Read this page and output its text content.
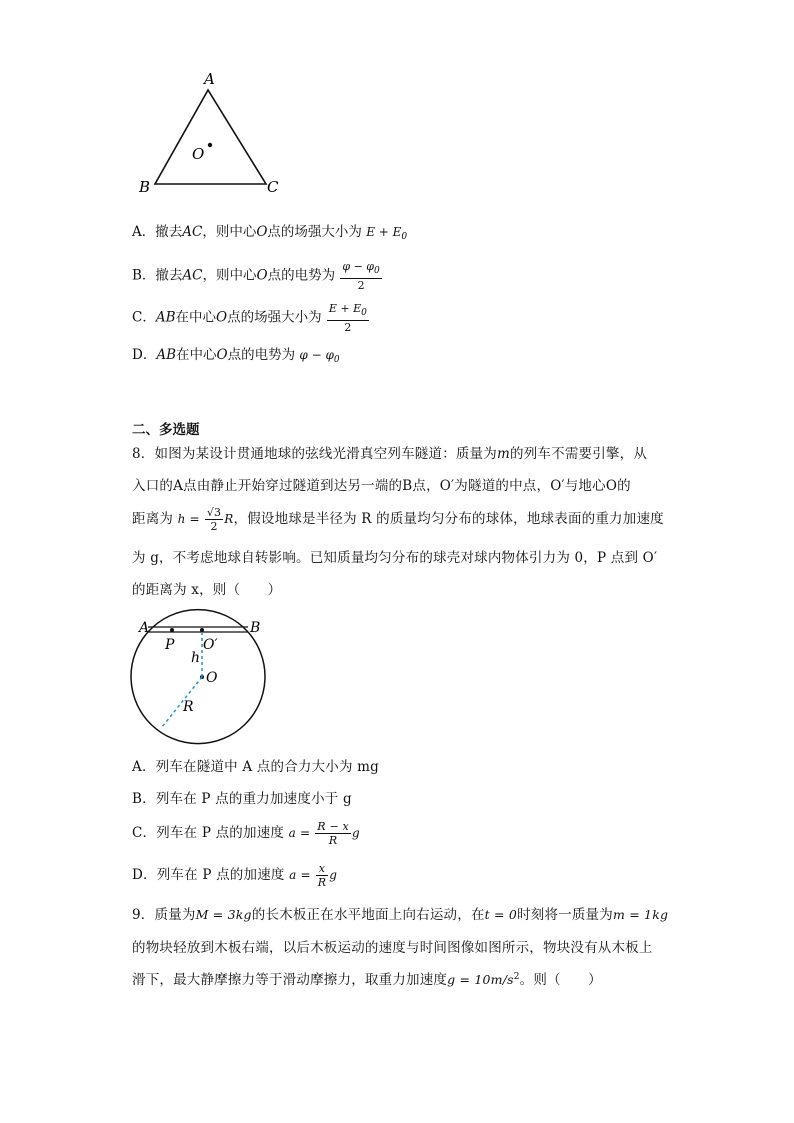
A
B	C
O
A．撤去AC，则中心O点的场强大小为 $E + E_0$
B．撤去AC，则中心O点的电势为 $\frac{\varphi - \varphi_0}{2}$
C．AB在中心O点的场强大小为 $\frac{E + E_0}{2}$
D．AB在中心O点的电势为 $\varphi - \varphi_0$
二、多选题
8．如图为某设计贯通地球的弦线光滑真空列车隧道：质量为m的列车不需要引擎，从
入口的A点由静止开始穿过隧道到达另一端的B点，O′为隧道的中点，O′与地心O的
距离为 $h = \frac{√3}{2}$ R，假设地球是半径为 R 的质量均匀分布的球体，地球表面的重力加速度
为 g，不考虑地球自转影响。已知质量均匀分布的球壳对球内物体引力为 0，P 点到 O′
的距离为 x，则（　　）
A	B
P O′
h
O
R
A．列车在隧道中 A 点的合力大小为 mg
B．列车在 P 点的重力加速度小于 g
C．列车在 P 点的加速度 $a = \frac{R - x}{R}$ g
D．列车在 P 点的加速度 $a = \frac{x}{R}$ g
9．质量为M = 3kg的长木板正在水平地面上向右运动，在t = 0时刻将一质量为m = 1kg
的物块轻放到木板右端，以后木板运动的速度与时间图像如图所示，物块没有从木板上
滑下，最大静摩擦力等于滑动摩擦力，取重力加速度$g = 10m/s^2$。则（　　）
